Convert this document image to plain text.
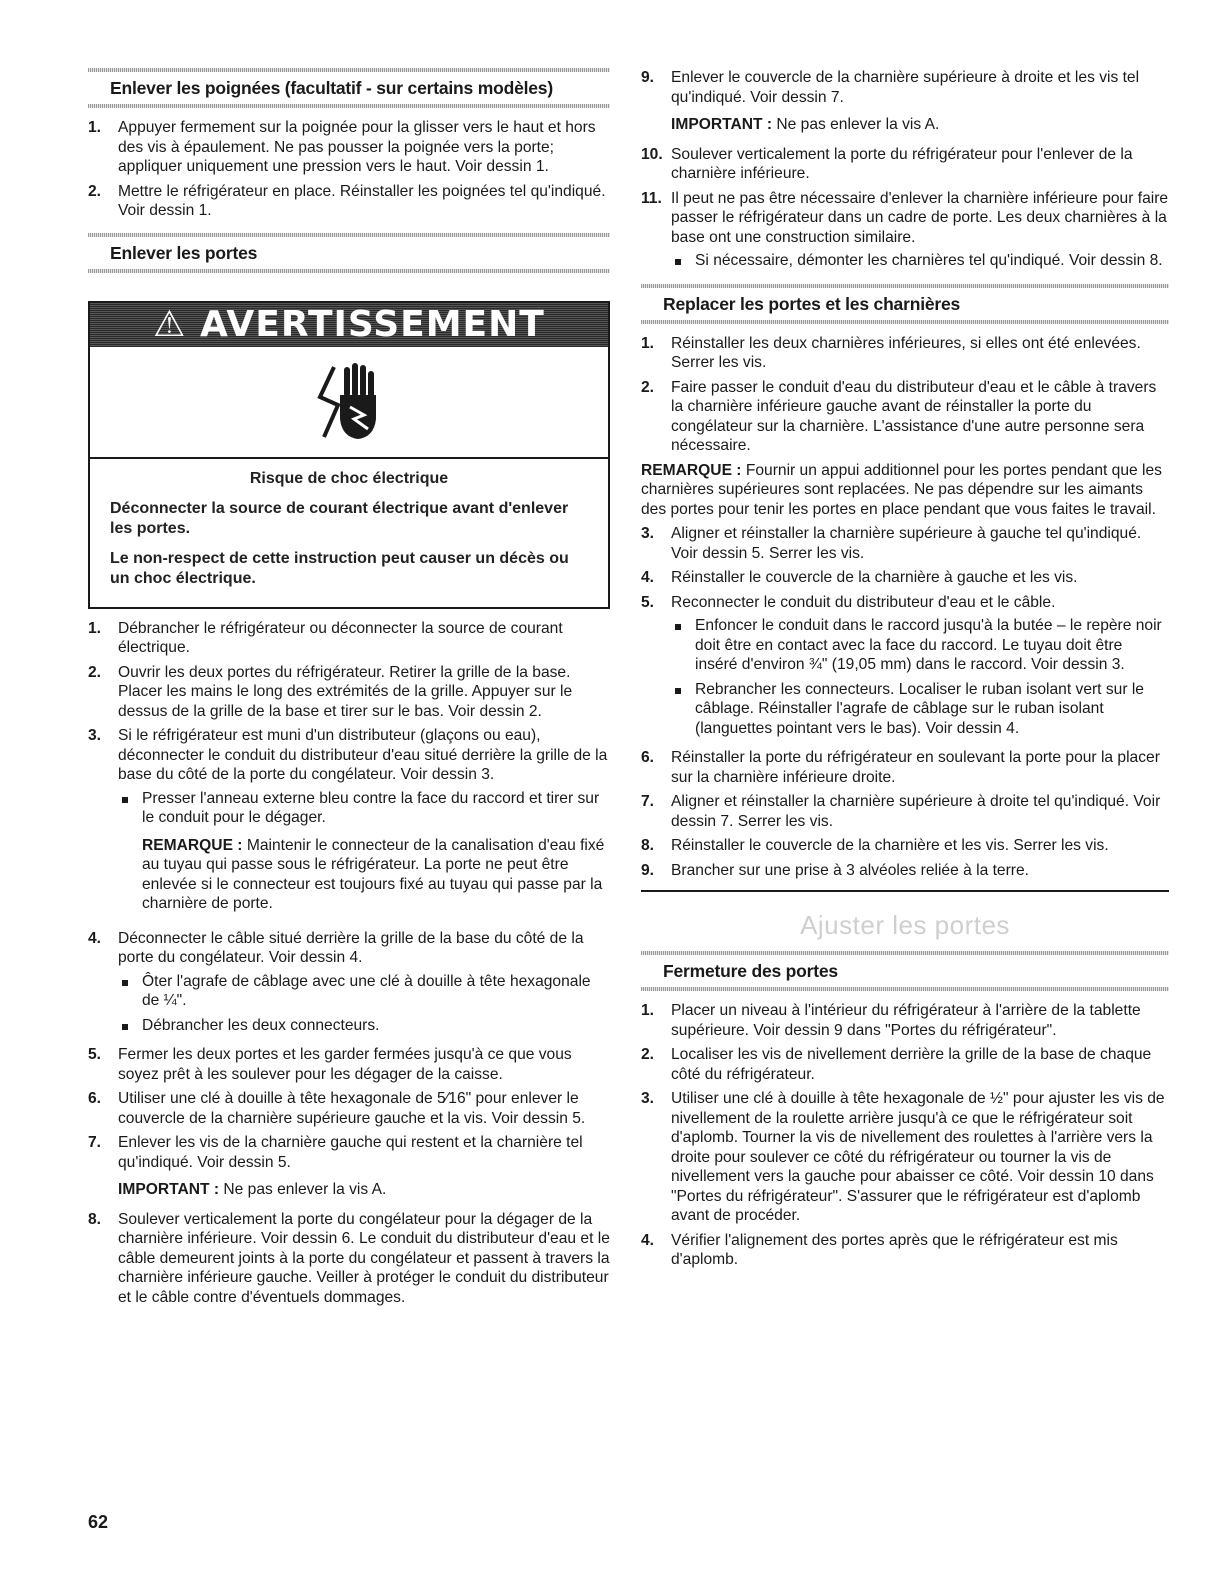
Enlever les poignées (facultatif - sur certains modèles)
1.	Appuyer fermement sur la poignée pour la glisser vers le haut et hors des vis à épaulement. Ne pas pousser la poignée vers la porte; appliquer uniquement une pression vers le haut. Voir dessin 1.
2.	Mettre le réfrigérateur en place. Réinstaller les poignées tel qu'indiqué. Voir dessin 1.
Enlever les portes
⚠ AVERTISSEMENT
Risque de choc électrique

Déconnecter la source de courant électrique avant d'enlever les portes.

Le non-respect de cette instruction peut causer un décès ou un choc électrique.

1.	Débrancher le réfrigérateur ou déconnecter la source de courant électrique.
2.	Ouvrir les deux portes du réfrigérateur. Retirer la grille de la base. Placer les mains le long des extrémités de la grille. Appuyer sur le dessus de la grille de la base et tirer sur le bas. Voir dessin 2.
3.	Si le réfrigérateur est muni d'un distributeur (glaçons ou eau), déconnecter le conduit du distributeur d'eau situé derrière la grille de la base du côté de la porte du congélateur. Voir dessin 3.
Presser l'anneau externe bleu contre la face du raccord et tirer sur le conduit pour le dégager.
REMARQUE : Maintenir le connecteur de la canalisation d'eau fixé au tuyau qui passe sous le réfrigérateur. La porte ne peut être enlevée si le connecteur est toujours fixé au tuyau qui passe par la charnière de porte.
4.	Déconnecter le câble situé derrière la grille de la base du côté de la porte du congélateur. Voir dessin 4.
Ôter l'agrafe de câblage avec une clé à douille à tête hexagonale de ¼".
Débrancher les deux connecteurs.
5.	Fermer les deux portes et les garder fermées jusqu'à ce que vous soyez prêt à les soulever pour les dégager de la caisse.
6.	Utiliser une clé à douille à tête hexagonale de 5⁄16" pour enlever le couvercle de la charnière supérieure gauche et la vis. Voir dessin 5.
7.	Enlever les vis de la charnière gauche qui restent et la charnière tel qu'indiqué. Voir dessin 5.
IMPORTANT : Ne pas enlever la vis A.
8.	Soulever verticalement la porte du congélateur pour la dégager de la charnière inférieure. Voir dessin 6. Le conduit du distributeur d'eau et le câble demeurent joints à la porte du congélateur et passent à travers la charnière inférieure gauche. Veiller à protéger le conduit du distributeur et le câble contre d'éventuels dommages.
9.	Enlever le couvercle de la charnière supérieure à droite et les vis tel qu'indiqué. Voir dessin 7.
IMPORTANT : Ne pas enlever la vis A.
10. Soulever verticalement la porte du réfrigérateur pour l'enlever de la charnière inférieure.
11. Il peut ne pas être nécessaire d'enlever la charnière inférieure pour faire passer le réfrigérateur dans un cadre de porte. Les deux charnières à la base ont une construction similaire.
Si nécessaire, démonter les charnières tel qu'indiqué. Voir dessin 8.
Replacer les portes et les charnières
1.	Réinstaller les deux charnières inférieures, si elles ont été enlevées. Serrer les vis.
2.	Faire passer le conduit d'eau du distributeur d'eau et le câble à travers la charnière inférieure gauche avant de réinstaller la porte du congélateur sur la charnière. L'assistance d'une autre personne sera nécessaire.
REMARQUE : Fournir un appui additionnel pour les portes pendant que les charnières supérieures sont replacées. Ne pas dépendre sur les aimants des portes pour tenir les portes en place pendant que vous faites le travail.
3.	Aligner et réinstaller la charnière supérieure à gauche tel qu'indiqué. Voir dessin 5. Serrer les vis.
4.	Réinstaller le couvercle de la charnière à gauche et les vis.
5.	Reconnecter le conduit du distributeur d'eau et le câble.
Enfoncer le conduit dans le raccord jusqu'à la butée – le repère noir doit être en contact avec la face du raccord. Le tuyau doit être inséré d'environ ¾" (19,05 mm) dans le raccord. Voir dessin 3.
Rebrancher les connecteurs. Localiser le ruban isolant vert sur le câblage. Réinstaller l'agrafe de câblage sur le ruban isolant (languettes pointant vers le bas). Voir dessin 4.
6.	Réinstaller la porte du réfrigérateur en soulevant la porte pour la placer sur la charnière inférieure droite.
7.	Aligner et réinstaller la charnière supérieure à droite tel qu'indiqué. Voir dessin 7. Serrer les vis.
8.	Réinstaller le couvercle de la charnière et les vis. Serrer les vis.
9.	Brancher sur une prise à 3 alvéoles reliée à la terre.
Ajuster les portes
Fermeture des portes
1.	Placer un niveau à l'intérieur du réfrigérateur à l'arrière de la tablette supérieure. Voir dessin 9 dans "Portes du réfrigérateur".
2.	Localiser les vis de nivellement derrière la grille de la base de chaque côté du réfrigérateur.
3.	Utiliser une clé à douille à tête hexagonale de ½" pour ajuster les vis de nivellement de la roulette arrière jusqu'à ce que le réfrigérateur soit d'aplomb. Tourner la vis de nivellement des roulettes à l'arrière vers la droite pour soulever ce côté du réfrigérateur ou tourner la vis de nivellement vers la gauche pour abaisser ce côté. Voir dessin 10 dans "Portes du réfrigérateur". S'assurer que le réfrigérateur est d'aplomb avant de procéder.
4.	Vérifier l'alignement des portes après que le réfrigérateur est mis d'aplomb.
62
